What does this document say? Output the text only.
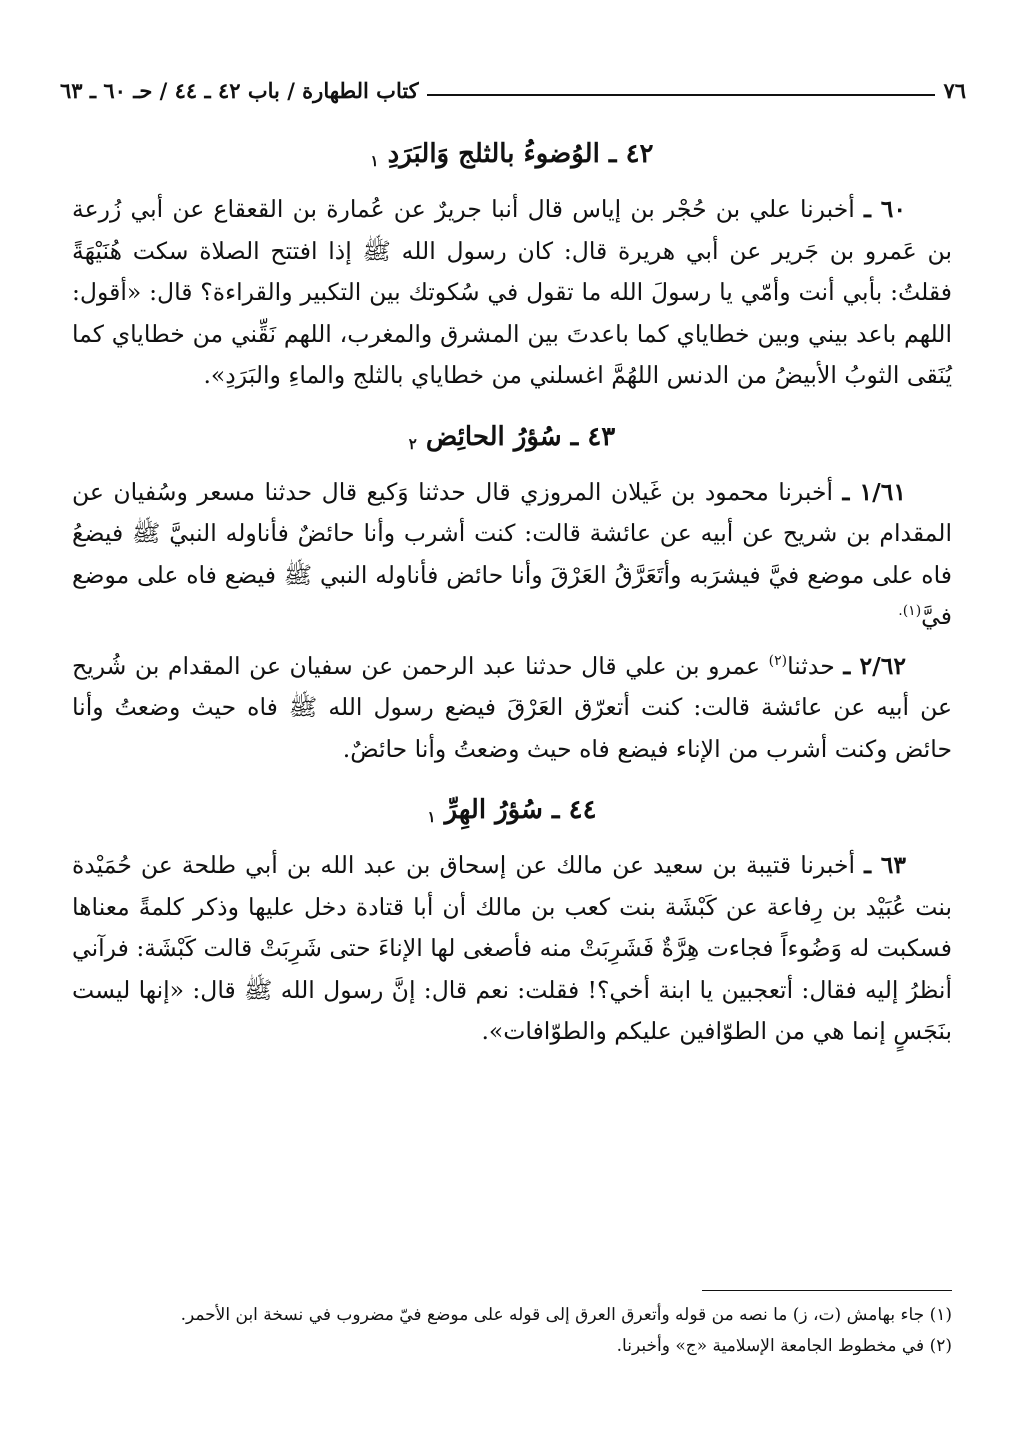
٧٦
كتاب الطهارة / باب ٤٢ ـ ٤٤ / حـ ٦٠ ـ ٦٣
٤٢ ـ الوُضوءُ بالثلج وَالبَرَدِ $_١$

٦٠ ـ أخبرنا علي بن حُجْر بن إياس قال أنبا جريرٌ عن عُمارة بن القعقاع عن أبي زُرعة بن عَمرو بن جَرير عن أبي هريرة قال: كان رسول الله ﷺ إذا افتتح الصلاة سكت هُنَيْهَةً فقلتُ: بأبي أنت وأمّي يا رسولَ الله ما تقول في سُكوتك بين التكبير والقراءة؟ قال: «أقول: اللهم باعد بيني وبين خطاياي كما باعدتَ بين المشرق والمغرب، اللهم نَقِّني من خطاياي كما يُنَقى الثوبُ الأبيضُ من الدنس اللهُمَّ اغسلني من خطاياي بالثلج والماءِ والبَرَدِ».

٤٣ ـ سُؤرُ الحائِض $_٢$

١/٦١ ـ أخبرنا محمود بن غَيلان المروزي قال حدثنا وَكيع قال حدثنا مسعر وسُفيان عن المقدام بن شريح عن أبيه عن عائشة قالت: كنت أشرب وأنا حائضٌ فأناوله النبيَّ ﷺ فيضعُ فاه على موضع فيَّ فيشرَبه وأتَعَرَّقُ العَرْقَ وأنا حائض فأناوله النبي ﷺ فيضع فاه على موضع فيَّ$^{(١).}$

٢/٦٢ ـ حدثنا$^{(٢)}$ عمرو بن علي قال حدثنا عبد الرحمن عن سفيان عن المقدام بن شُريح عن أبيه عن عائشة قالت: كنت أتعرّق العَرْقَ فيضع رسول الله ﷺ فاه حيث وضعتُ وأنا حائض وكنت أشرب من الإناء فيضع فاه حيث وضعتُ وأنا حائضٌ.

٤٤ ـ سُؤرُ الهِرِّ $_١$

٦٣ ـ أخبرنا قتيبة بن سعيد عن مالك عن إسحاق بن عبد الله بن أبي طلحة عن حُمَيْدة بنت عُبَيْد بن رِفاعة عن كَبْشَة بنت كعب بن مالك أن أبا قتادة دخل عليها وذكر كلمةً معناها فسكبت له وَضُوءاً فجاءت هِرَّةٌ فَشَرِبَتْ منه فأصغى لها الإناءَ حتى شَرِبَتْ قالت كَبْشَة: فرآني أنظرُ إليه فقال: أتعجبين يا ابنة أخي؟! فقلت: نعم قال: إنَّ رسول الله ﷺ قال: «إنها ليست بنَجَسٍ إنما هي من الطوّافين عليكم والطوّافات».

(١) جاء بهامش (ت، ز) ما نصه من قوله وأتعرق العرق إلى قوله على موضع فيّ مضروب في نسخة ابن الأحمر.

(٢) في مخطوط الجامعة الإسلامية «ج» وأخبرنا.
